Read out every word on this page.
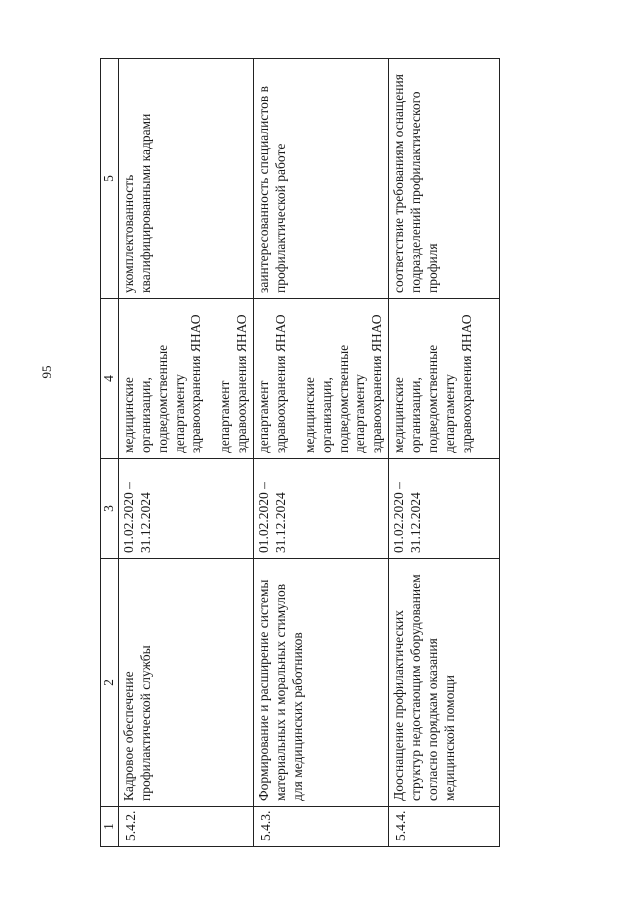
95
1	2	3	4	5
5.4.2.	Кадровое обеспечение профилактической службы	01.02.2020 – 31.12.2024	медицинские организации, подведомственные департаменту здравоохранения ЯНАО департамент здравоохранения ЯНАО	укомплектованность квалифицированными кадрами
5.4.3.	Формирование и расширение системы материальных и моральных стимулов для медицинских работников	01.02.2020 – 31.12.2024	департамент здравоохранения ЯНАО медицинские организации, подведомственные департаменту здравоохранения ЯНАО	заинтересованность специалистов в профилактической работе
5.4.4.	Дооснащение профилактических структур недостающим оборудованием согласно порядкам оказания медицинской помощи	01.02.2020 – 31.12.2024	медицинские организации, подведомственные департаменту здравоохранения ЯНАО	соответствие требованиям оснащения подразделений профилактического профиля
